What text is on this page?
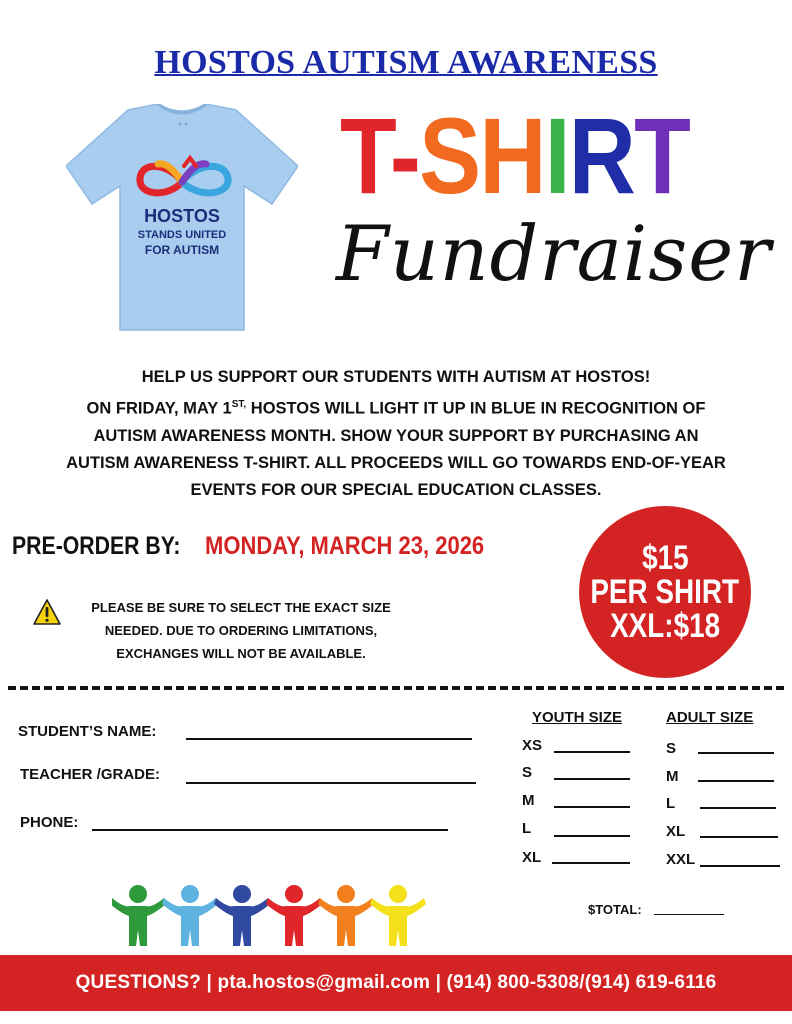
HOSTOS AUTISM AWARENESS
HOSTOS
STANDS UNITED
FOR AUTISM
T-SHIRT
Fundraiser
HELP US SUPPORT OUR STUDENTS WITH AUTISM AT HOSTOS!
ON FRIDAY, MAY $1^{ST,}$ HOSTOS WILL LIGHT IT UP IN BLUE IN RECOGNITION OF
AUTISM AWARENESS MONTH. SHOW YOUR SUPPORT BY PURCHASING AN
AUTISM AWARENESS T-SHIRT. ALL PROCEEDS WILL GO TOWARDS END-OF-YEAR
EVENTS FOR OUR SPECIAL EDUCATION CLASSES.
PRE-ORDER BY: MONDAY, MARCH 23, 2026
PLEASE BE SURE TO SELECT THE EXACT SIZE
NEEDED. DUE TO ORDERING LIMITATIONS,
EXCHANGES WILL NOT BE AVAILABLE.
$15
PER SHIRT
XXL:$18
STUDENT’S NAME:
TEACHER /GRADE:
PHONE:
YOUTH SIZE	ADULT SIZE
XS
S
M
L
XL
S
M
L
XL
XXL
$TOTAL:
QUESTIONS? | pta.hostos@gmail.com | (914) 800-5308/(914) 619-6116
